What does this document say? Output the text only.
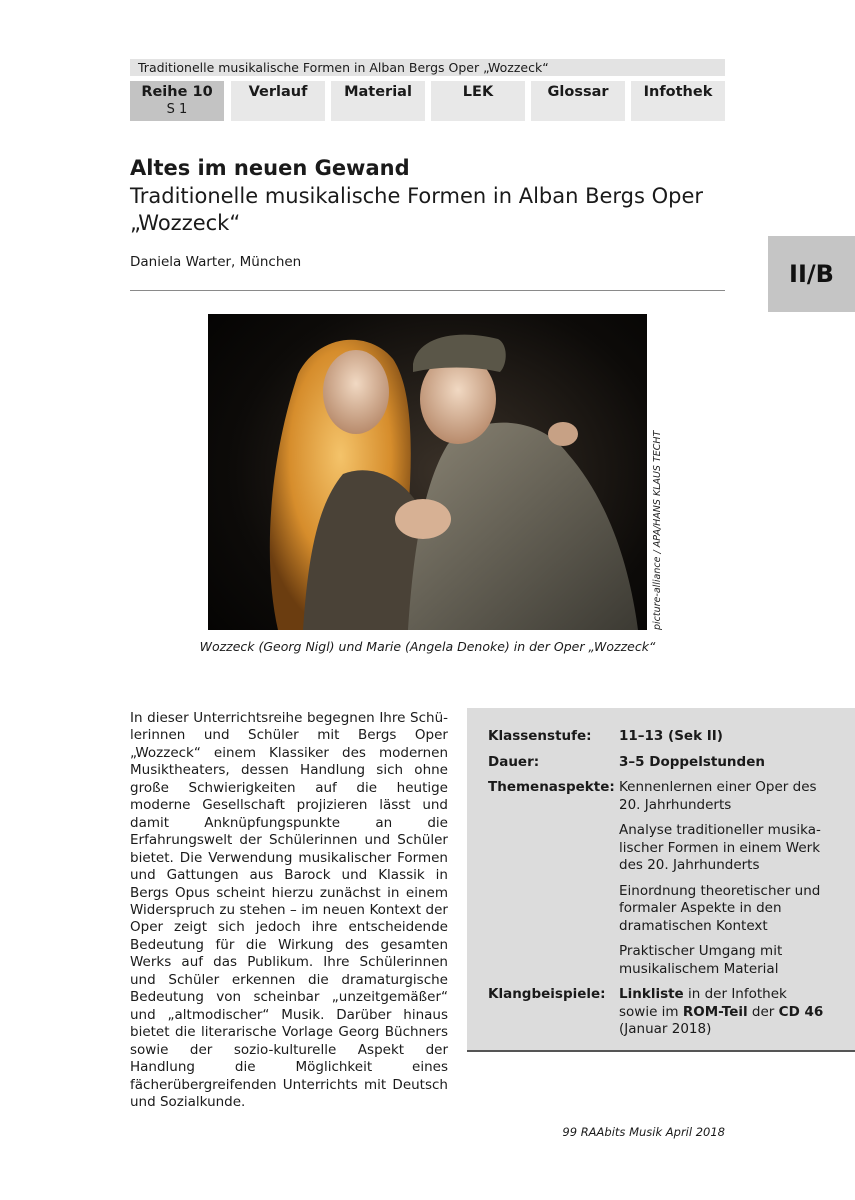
Traditionelle musikalische Formen in Alban Bergs Oper „Wozzeck“
Reihe 10
S 1
Verlauf	Material	LEK	Glossar	Infothek
II/B
Altes im neuen Gewand
Traditionelle musikalische Formen in Alban Bergs Oper „Wozzeck“
Daniela Warter, München
picture-alliance / APA/HANS KLAUS TECHT
Wozzeck (Georg Nigl) und Marie (Angela Denoke) in der Oper „Wozzeck“
In dieser Unterrichtsreihe begegnen Ihre Schülerinnen und Schüler mit Bergs Oper „Wozzeck“ einem Klassiker des modernen Musiktheaters, dessen Handlung sich ohne große Schwierigkeiten auf die heutige moderne Gesellschaft projizieren lässt und damit Anknüpfungspunkte an die Erfahrungswelt der Schülerinnen und Schüler bietet. Die Verwendung musikalischer Formen und Gattungen aus Barock und Klassik in Bergs Opus scheint hierzu zunächst in einem Widerspruch zu stehen – im neuen Kontext der Oper zeigt sich jedoch ihre entscheidende Bedeutung für die Wirkung des gesamten Werks auf das Publikum. Ihre Schülerinnen und Schüler erkennen die dramaturgische Bedeutung von scheinbar „unzeitgemäßer“ und „altmodischer“ Musik. Darüber hinaus bietet die literarische Vorlage Georg Büchners sowie der sozio-kulturelle Aspekt der Handlung die Möglichkeit eines fächerübergreifenden Unterrichts mit Deutsch und Sozialkunde.
Klassenstufe:	11–13 (Sek II)
Dauer:	3–5 Doppelstunden
Themenaspekte: Kennenlernen einer Oper des 20. Jahrhunderts
Analyse traditioneller musikalischer Formen in einem Werk des 20. Jahrhunderts
Einordnung theoretischer und formaler Aspekte in den dramatischen Kontext
Praktischer Umgang mit musikalischem Material
Klangbeispiele: Linkliste in der Infothek sowie im ROM-Teil der CD 46 (Januar 2018)
99 RAAbits Musik April 2018
